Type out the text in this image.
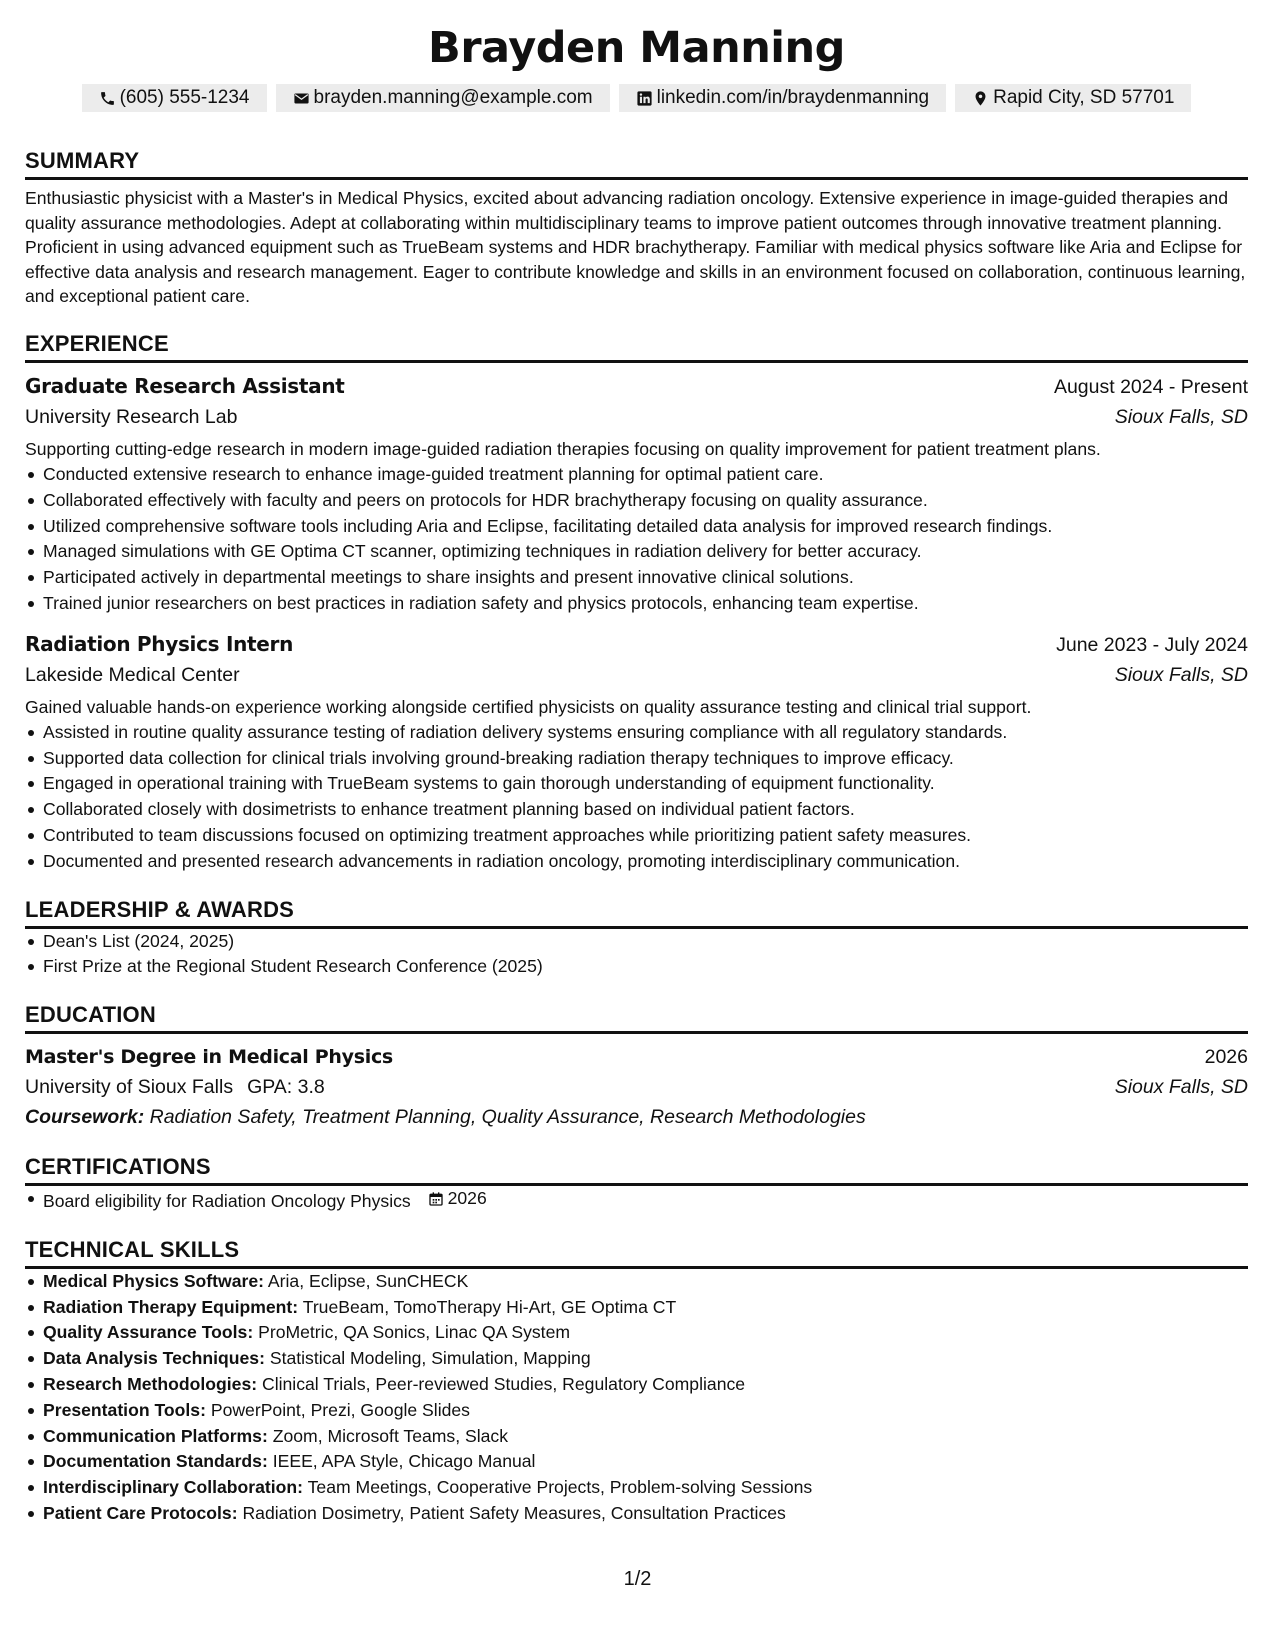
Brayden Manning
(605) 555-1234	brayden.manning@example.com	linkedin.com/in/braydenmanning	Rapid City, SD 57701
SUMMARY

Enthusiastic physicist with a Master's in Medical Physics, excited about advancing radiation oncology. Extensive experience in image-guided therapies and quality assurance methodologies. Adept at collaborating within multidisciplinary teams to improve patient outcomes through innovative treatment planning. Proficient in using advanced equipment such as TrueBeam systems and HDR brachytherapy. Familiar with medical physics software like Aria and Eclipse for effective data analysis and research management. Eager to contribute knowledge and skills in an environment focused on collaboration, continuous learning, and exceptional patient care.

EXPERIENCE
Graduate Research Assistant	August 2024 - Present
University Research Lab	Sioux Falls, SD
Supporting cutting-edge research in modern image-guided radiation therapies focusing on quality improvement for patient treatment plans.
Conducted extensive research to enhance image-guided treatment planning for optimal patient care.
Collaborated effectively with faculty and peers on protocols for HDR brachytherapy focusing on quality assurance.
Utilized comprehensive software tools including Aria and Eclipse, facilitating detailed data analysis for improved research findings.
Managed simulations with GE Optima CT scanner, optimizing techniques in radiation delivery for better accuracy.
Participated actively in departmental meetings to share insights and present innovative clinical solutions.
Trained junior researchers on best practices in radiation safety and physics protocols, enhancing team expertise.
Radiation Physics Intern	June 2023 - July 2024
Lakeside Medical Center	Sioux Falls, SD
Gained valuable hands-on experience working alongside certified physicists on quality assurance testing and clinical trial support.
Assisted in routine quality assurance testing of radiation delivery systems ensuring compliance with all regulatory standards.
Supported data collection for clinical trials involving ground-breaking radiation therapy techniques to improve efficacy.
Engaged in operational training with TrueBeam systems to gain thorough understanding of equipment functionality.
Collaborated closely with dosimetrists to enhance treatment planning based on individual patient factors.
Contributed to team discussions focused on optimizing treatment approaches while prioritizing patient safety measures.
Documented and presented research advancements in radiation oncology, promoting interdisciplinary communication.
LEADERSHIP & AWARDS
Dean's List (2024, 2025)
First Prize at the Regional Student Research Conference (2025)
EDUCATION
Master's Degree in Medical Physics	2026
University of Sioux Falls GPA: 3.8	Sioux Falls, SD
Coursework: Radiation Safety, Treatment Planning, Quality Assurance, Research Methodologies
CERTIFICATIONS
Board eligibility for Radiation Oncology Physics 2026
TECHNICAL SKILLS
Medical Physics Software: Aria, Eclipse, SunCHECK
Radiation Therapy Equipment: TrueBeam, TomoTherapy Hi-Art, GE Optima CT
Quality Assurance Tools: ProMetric, QA Sonics, Linac QA System
Data Analysis Techniques: Statistical Modeling, Simulation, Mapping
Research Methodologies: Clinical Trials, Peer-reviewed Studies, Regulatory Compliance
Presentation Tools: PowerPoint, Prezi, Google Slides
Communication Platforms: Zoom, Microsoft Teams, Slack
Documentation Standards: IEEE, APA Style, Chicago Manual
Interdisciplinary Collaboration: Team Meetings, Cooperative Projects, Problem-solving Sessions
Patient Care Protocols: Radiation Dosimetry, Patient Safety Measures, Consultation Practices
1/2
